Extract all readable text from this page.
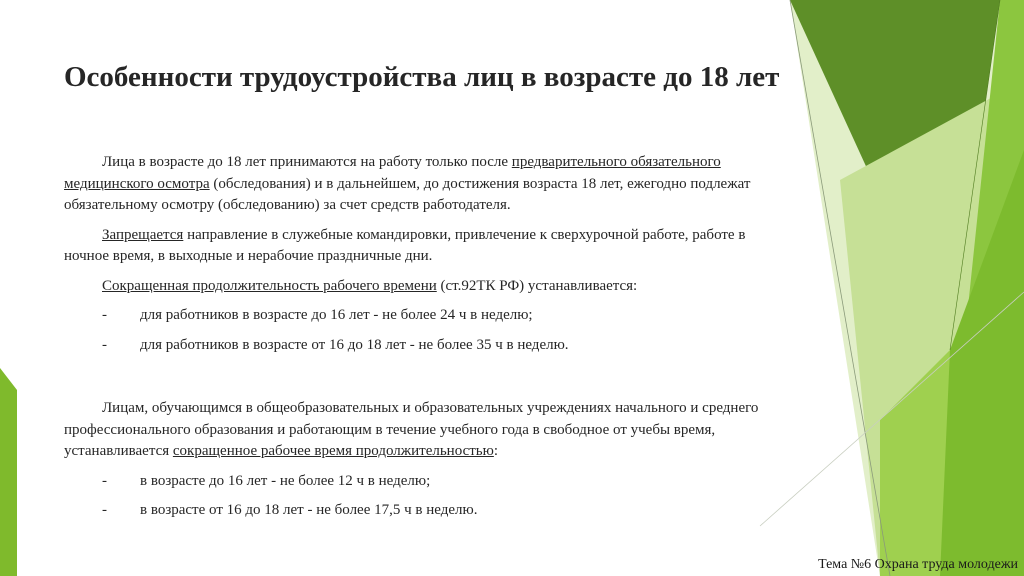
Особенности трудоустройства лиц в возрасте до 18 лет

Лица в возрасте до 18 лет принимаются на работу только после предварительного обязательного медицинского осмотра (обследования) и в дальнейшем, до достижения возраста 18 лет, ежегодно подлежат обязательному осмотру (обследованию) за счет средств работодателя.

Запрещается направление в служебные командировки, привлечение к сверхурочной работе, работе в ночное время, в выходные и нерабочие праздничные дни.

Сокращенная продолжительность рабочего времени (ст.92ТК РФ) устанавливается:

-	для работников в возрасте до 16 лет - не более 24 ч в неделю;
-	для работников в возрасте от 16 до 18 лет - не более 35 ч в неделю.

Лицам, обучающимся в общеобразовательных и образовательных учреждениях начального и среднего профессионального образования и работающим в течение учебного года в свободное от учебы время, устанавливается сокращенное рабочее время продолжительностью:

-	в возрасте до 16 лет - не более 12 ч в неделю;
-	в возрасте от 16 до 18 лет - не более 17,5 ч в неделю.
Тема №6 Охрана труда молодежи
